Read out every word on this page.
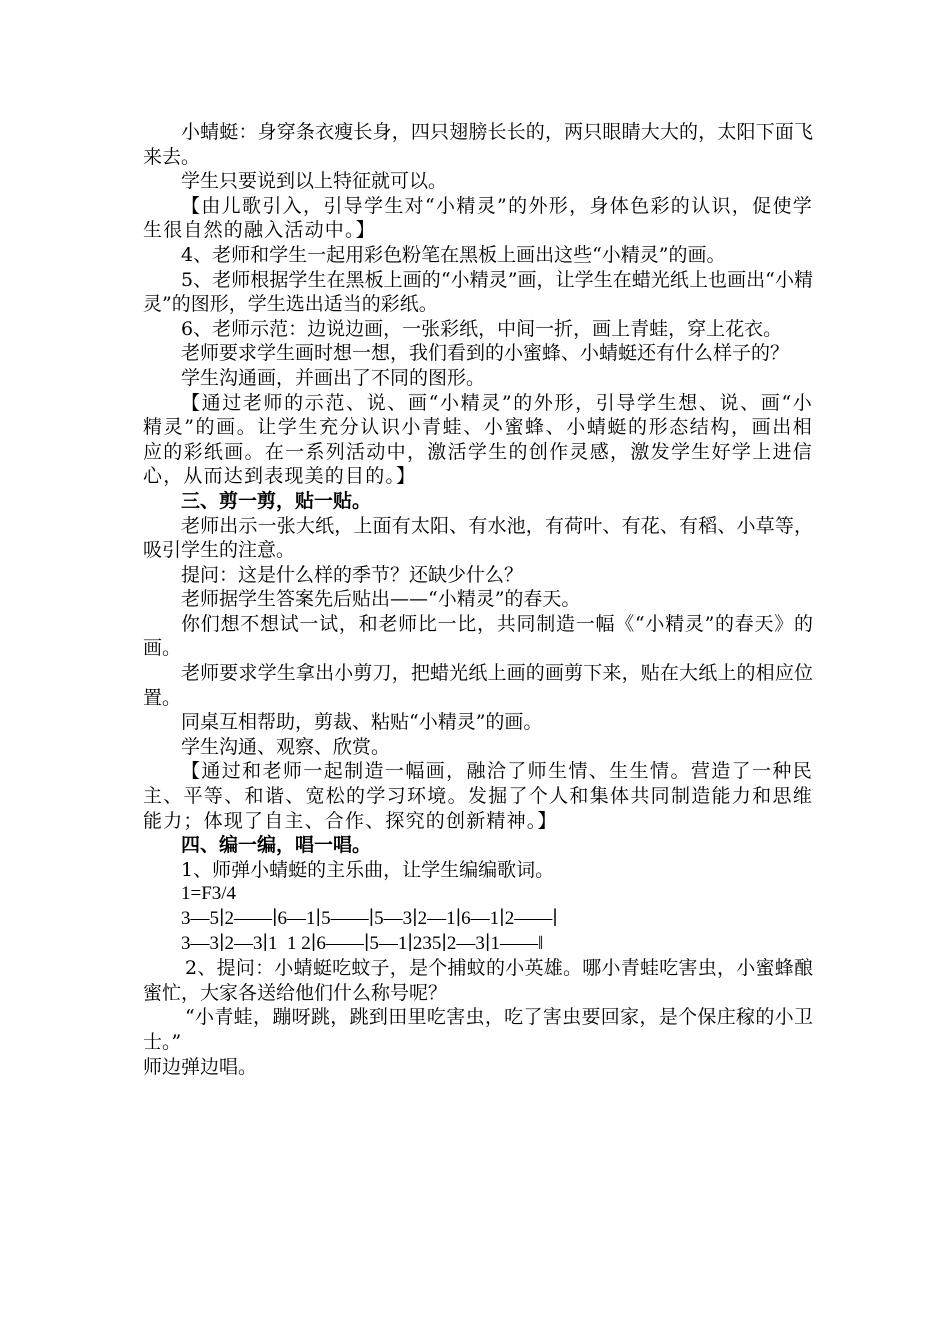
小蜻蜓：身穿条衣瘦长身，四只翅膀长长的，两只眼睛大大的，太阳下面飞来去。

学生只要说到以上特征就可以。

【由儿歌引入，引导学生对“小精灵”的外形，身体色彩的认识，促使学生很自然的融入活动中。】

4、老师和学生一起用彩色粉笔在黑板上画出这些“小精灵”的画。

5、老师根据学生在黑板上画的“小精灵”画，让学生在蜡光纸上也画出“小精灵”的图形，学生选出适当的彩纸。

6、老师示范：边说边画，一张彩纸，中间一折，画上青蛙，穿上花衣。

老师要求学生画时想一想，我们看到的小蜜蜂、小蜻蜓还有什么样子的？

学生沟通画，并画出了不同的图形。

【通过老师的示范、说、画“小精灵”的外形，引导学生想、说、画“小精灵”的画。让学生充分认识小青蛙、小蜜蜂、小蜻蜓的形态结构，画出相应的彩纸画。在一系列活动中，激活学生的创作灵感，激发学生好学上进信心，从而达到表现美的目的。】

三、剪一剪，贴一贴。

老师出示一张大纸，上面有太阳、有水池，有荷叶、有花、有稻、小草等，吸引学生的注意。

提问：这是什么样的季节？还缺少什么？

老师据学生答案先后贴出——“小精灵”的春天。

你们想不想试一试，和老师比一比，共同制造一幅《“小精灵”的春天》的画。

老师要求学生拿出小剪刀，把蜡光纸上画的画剪下来，贴在大纸上的相应位置。

同桌互相帮助，剪裁、粘贴“小精灵”的画。

学生沟通、观察、欣赏。

【通过和老师一起制造一幅画，融洽了师生情、生生情。营造了一种民主、平等、和谐、宽松的学习环境。发掘了个人和集体共同制造能力和思维能力；体现了自主、合作、探究的创新精神。】

四、编一编，唱一唱。

1、师弹小蜻蜓的主乐曲，让学生编编歌词。

1=F3/4

3—5∣2——∣6—1∣5——∣5—3∣2—1∣6—1∣2——∣

3—3∣2—3∣1  1 2∣6——∣5—1∣235∣2—3∣1——‖

2、提问：小蜻蜓吃蚊子，是个捕蚊的小英雄。哪小青蛙吃害虫，小蜜蜂酿蜜忙，大家各送给他们什么称号呢？

“小青蛙，蹦呀跳，跳到田里吃害虫，吃了害虫要回家，是个保庄稼的小卫士。”

师边弹边唱。
